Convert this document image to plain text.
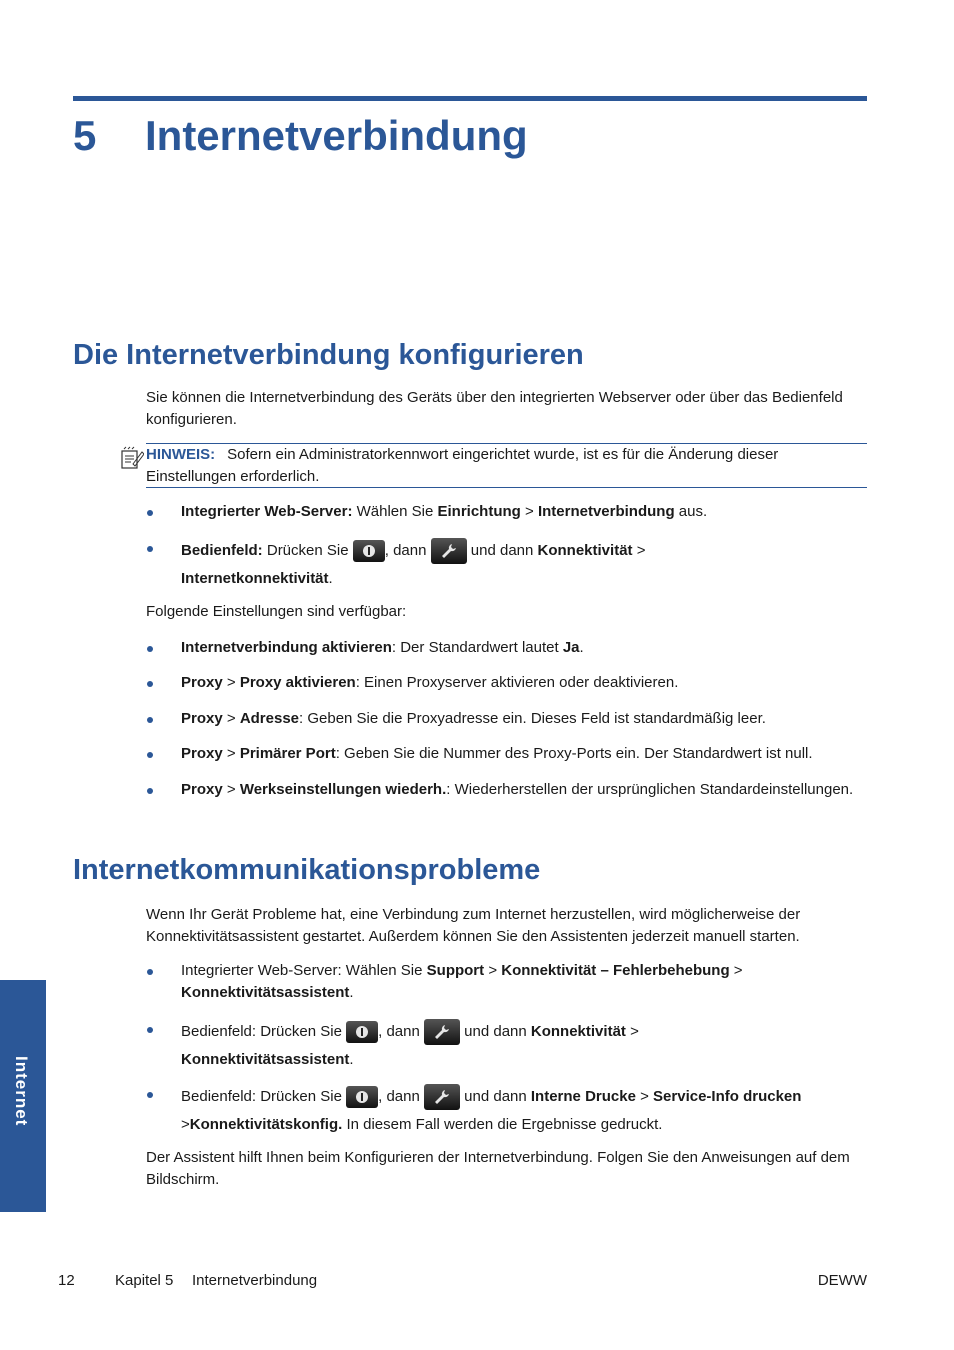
5 Internetverbindung
Die Internetverbindung konfigurieren
Sie können die Internetverbindung des Geräts über den integrierten Webserver oder über das Bedienfeld konfigurieren.
HINWEIS: Sofern ein Administratorkennwort eingerichtet wurde, ist es für die Änderung dieser Einstellungen erforderlich.
Integrierter Web-Server: Wählen Sie Einrichtung > Internetverbindung aus.
Bedienfeld: Drücken Sie
, dann
und dann Konnektivität >
Internetkonnektivität.
Folgende Einstellungen sind verfügbar:
Internetverbindung aktivieren: Der Standardwert lautet Ja.
Proxy > Proxy aktivieren: Einen Proxyserver aktivieren oder deaktivieren.
Proxy > Adresse: Geben Sie die Proxyadresse ein. Dieses Feld ist standardmäßig leer.
Proxy > Primärer Port: Geben Sie die Nummer des Proxy-Ports ein. Der Standardwert ist null.
Proxy > Werkseinstellungen wiederh.: Wiederherstellen der ursprünglichen Standardeinstellungen.
Internetkommunikationsprobleme
Wenn Ihr Gerät Probleme hat, eine Verbindung zum Internet herzustellen, wird möglicherweise der Konnektivitätsassistent gestartet. Außerdem können Sie den Assistenten jederzeit manuell starten.
Integrierter Web-Server: Wählen Sie Support > Konnektivität – Fehlerbehebung >
Konnektivitätsassistent.
Bedienfeld: Drücken Sie
, dann
und dann Konnektivität >
Konnektivitätsassistent.
Bedienfeld: Drücken Sie
, dann
und dann Interne Drucke > Service-Info drucken
>Konnektivitätskonfig. In diesem Fall werden die Ergebnisse gedruckt.
Der Assistent hilft Ihnen beim Konfigurieren der Internetverbindung. Folgen Sie den Anweisungen auf dem Bildschirm.
Internet
12	Kapitel 5 Internetverbindung	DEWW
